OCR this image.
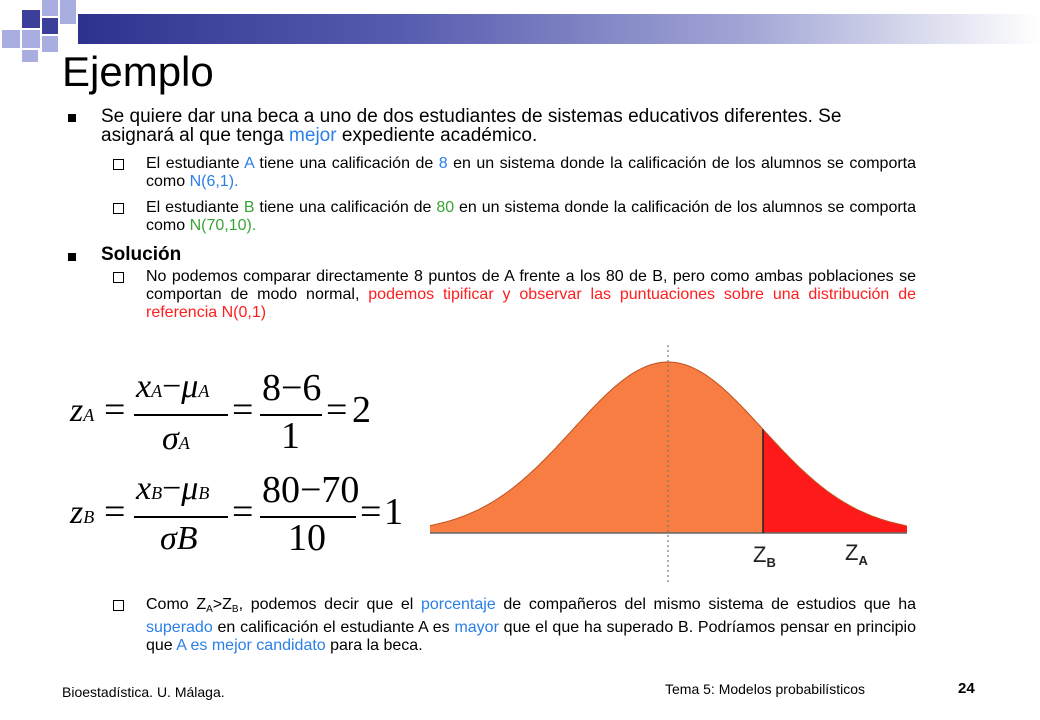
Ejemplo
Se quiere dar una beca a uno de dos estudiantes de sistemas educativos diferentes. Se asignará al que tenga mejor expediente académico.
El estudiante A tiene una calificación de 8 en un sistema donde la calificación de los alumnos se comporta como N(6,1).
El estudiante B tiene una calificación de 80 en un sistema donde la calificación de los alumnos se comporta como N(70,10).
Solución
No podemos comparar directamente 8 puntos de A frente a los 80 de B, pero como ambas poblaciones se comportan de modo normal, podemos tipificar y observar las puntuaciones sobre una distribución de referencia N(0,1)
zA =
xA−μA
σA
=
8−6
1
= 2
zB =
xB−μB
σB
=
80−70
10
= 1
$Z_B$	$Z_A$
Como $Z_A>Z_B$, podemos decir que el porcentaje de compañeros del mismo sistema de estudios que ha superado en calificación el estudiante A es mayor que el que ha superado B. Podríamos pensar en principio que A es mejor candidato para la beca.
Bioestadística. U. Málaga.	Tema 5: Modelos probabilísticos	24
